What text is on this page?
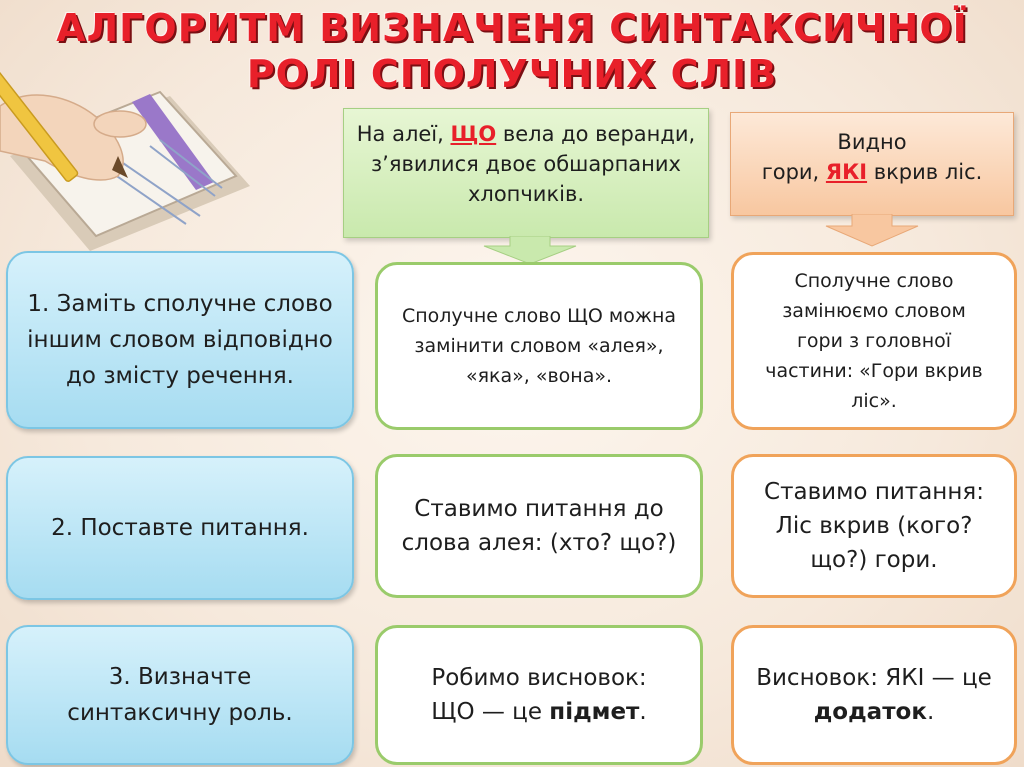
АЛГОРИТМ ВИЗНАЧЕНЯ СИНТАКСИЧНОЇ
РОЛІ СПОЛУЧНИХ СЛІВ
На алеї, ЩО вела до веранди, з’явилися двоє обшарпаних хлопчиків.
Видно
гори, ЯКІ вкрив ліс.
1. Заміть сполучне слово іншим словом відповідно до змісту речення.
2. Поставте питання.
3. Визначте синтаксичну роль.
Сполучне слово ЩО можна замінити словом «алея», «яка», «вона».
Ставимо питання до слова алея: (хто? що?)
Робимо висновок: ЩО — це підмет.
Сполучне слово замінюємо словом гори з головної частини: «Гори вкрив ліс».
Ставимо питання: Ліс вкрив (кого? що?) гори.
Висновок: ЯКІ — це додаток.
